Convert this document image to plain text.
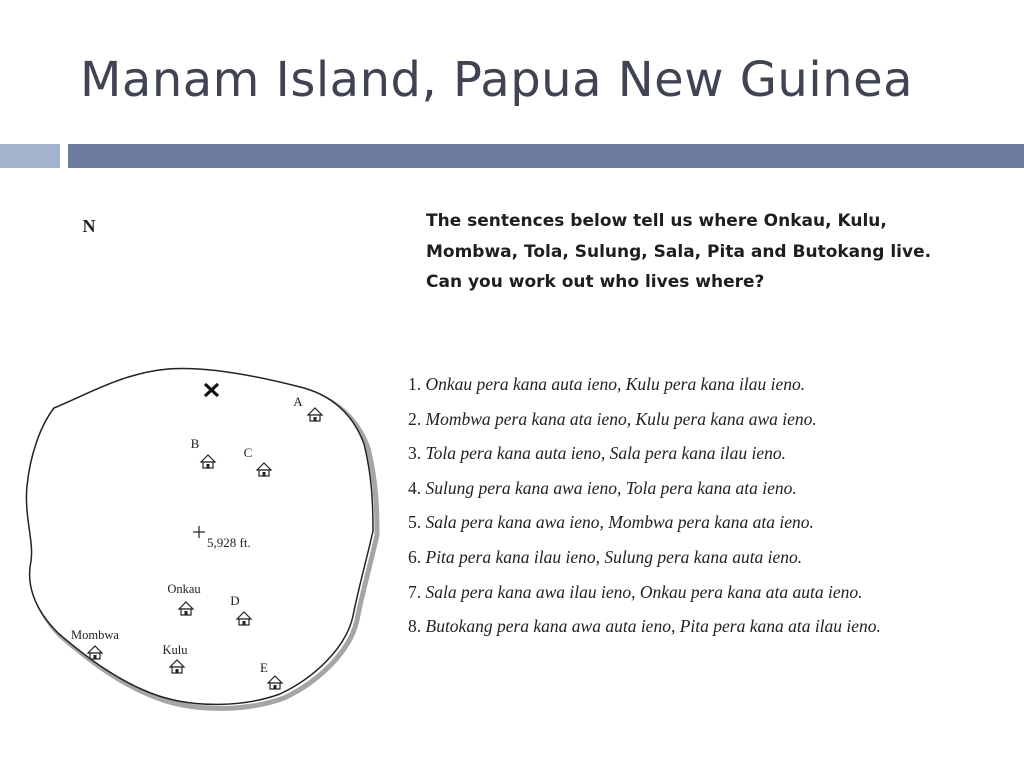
Manam Island, Papua New Guinea

The sentences below tell us where Onkau, Kulu, Mombwa, Tola, Sulung, Sala, Pita and Butokang live. Can you work out who lives where?

N
5,928 ft.
A
B
C
Onkau
D
Mombwa
Kulu
E
1. Onkau pera kana auta ieno, Kulu pera kana ilau ieno.
2. Mombwa pera kana ata ieno, Kulu pera kana awa ieno.
3. Tola pera kana auta ieno, Sala pera kana ilau ieno.
4. Sulung pera kana awa ieno, Tola pera kana ata ieno.
5. Sala pera kana awa ieno, Mombwa pera kana ata ieno.
6. Pita pera kana ilau ieno, Sulung pera kana auta ieno.
7. Sala pera kana awa ilau ieno, Onkau pera kana ata auta ieno.
8. Butokang pera kana awa auta ieno, Pita pera kana ata ilau ieno.
